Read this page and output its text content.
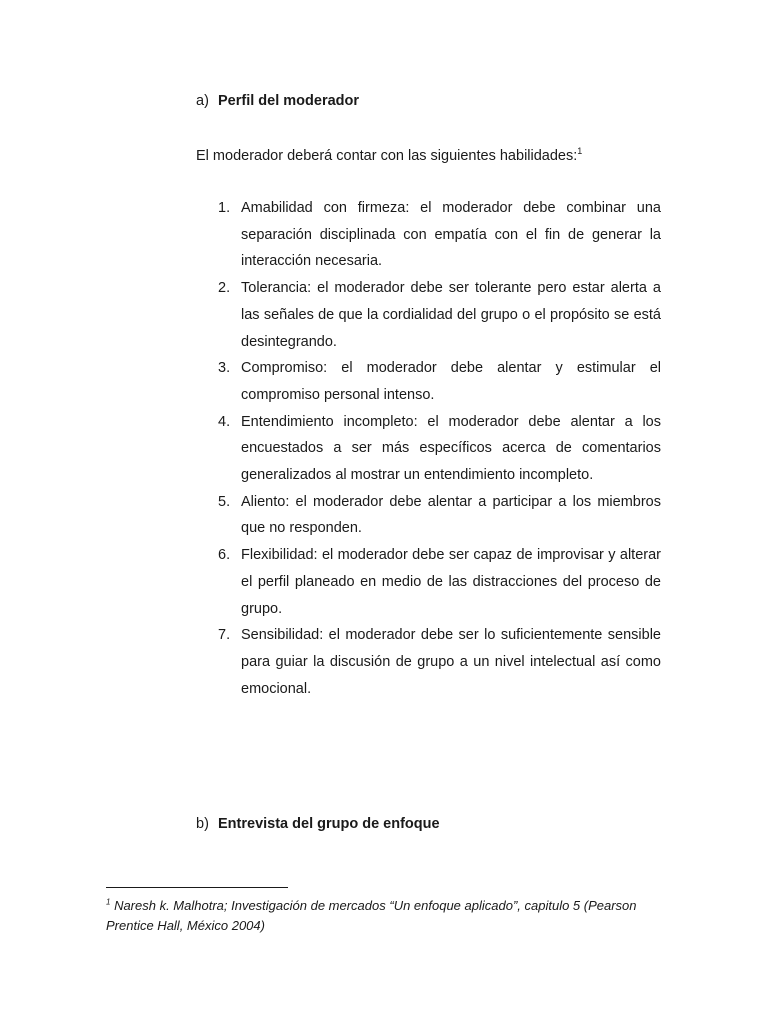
a) Perfil del moderador
El moderador deberá contar con las siguientes habilidades:$^1$
1. Amabilidad con firmeza: el moderador debe combinar una separación disciplinada con empatía con el fin de generar la interacción necesaria.
2. Tolerancia: el moderador debe ser tolerante pero estar alerta a las señales de que la cordialidad del grupo o el propósito se está desintegrando.
3. Compromiso: el moderador debe alentar y estimular el compromiso personal intenso.
4. Entendimiento incompleto: el moderador debe alentar a los encuestados a ser más específicos acerca de comentarios generalizados al mostrar un entendimiento incompleto.
5. Aliento: el moderador debe alentar a participar a los miembros que no responden.
6. Flexibilidad: el moderador debe ser capaz de improvisar y alterar el perfil planeado en medio de las distracciones del proceso de grupo.
7. Sensibilidad: el moderador debe ser lo suficientemente sensible para guiar la discusión de grupo a un nivel intelectual así como emocional.
b) Entrevista del grupo de enfoque
$^1$ Naresh k. Malhotra; Investigación de mercados “Un enfoque aplicado”, capitulo 5 (Pearson Prentice Hall, México 2004)
